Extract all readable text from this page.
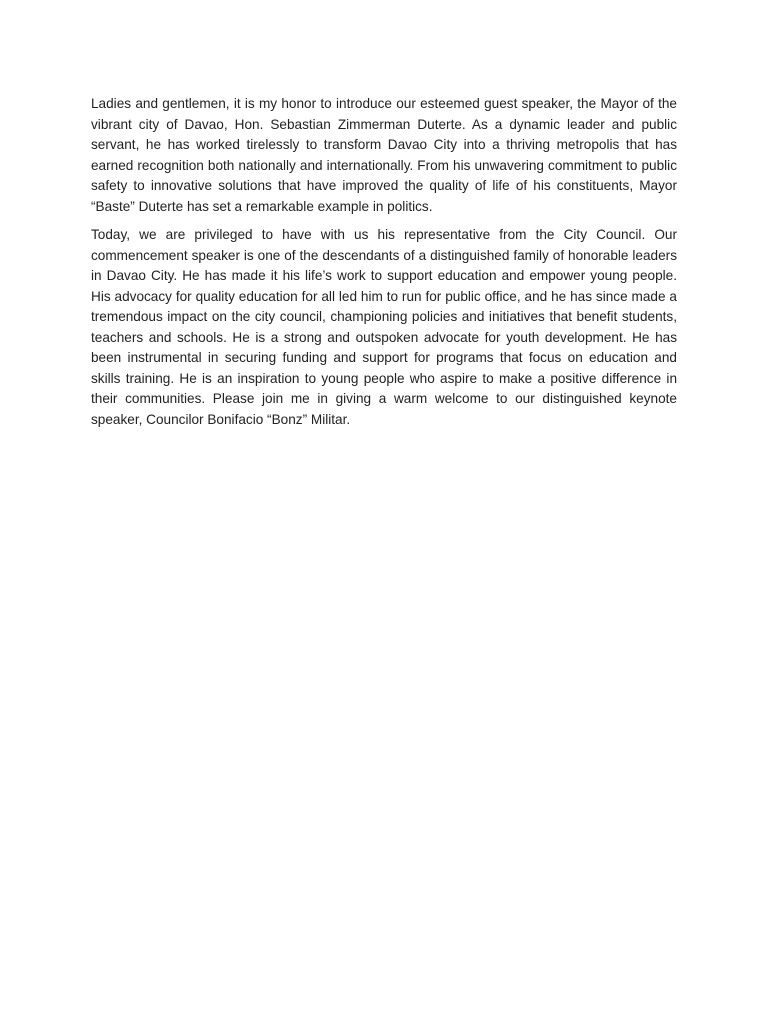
Ladies and gentlemen, it is my honor to introduce our esteemed guest speaker, the Mayor of the vibrant city of Davao, Hon. Sebastian Zimmerman Duterte. As a dynamic leader and public servant, he has worked tirelessly to transform Davao City into a thriving metropolis that has earned recognition both nationally and internationally. From his unwavering commitment to public safety to innovative solutions that have improved the quality of life of his constituents, Mayor “Baste” Duterte has set a remarkable example in politics.

Today, we are privileged to have with us his representative from the City Council. Our commencement speaker is one of the descendants of a distinguished family of honorable leaders in Davao City. He has made it his life’s work to support education and empower young people. His advocacy for quality education for all led him to run for public office, and he has since made a tremendous impact on the city council, championing policies and initiatives that benefit students, teachers and schools. He is a strong and outspoken advocate for youth development. He has been instrumental in securing funding and support for programs that focus on education and skills training. He is an inspiration to young people who aspire to make a positive difference in their communities. Please join me in giving a warm welcome to our distinguished keynote speaker, Councilor Bonifacio “Bonz” Militar.
